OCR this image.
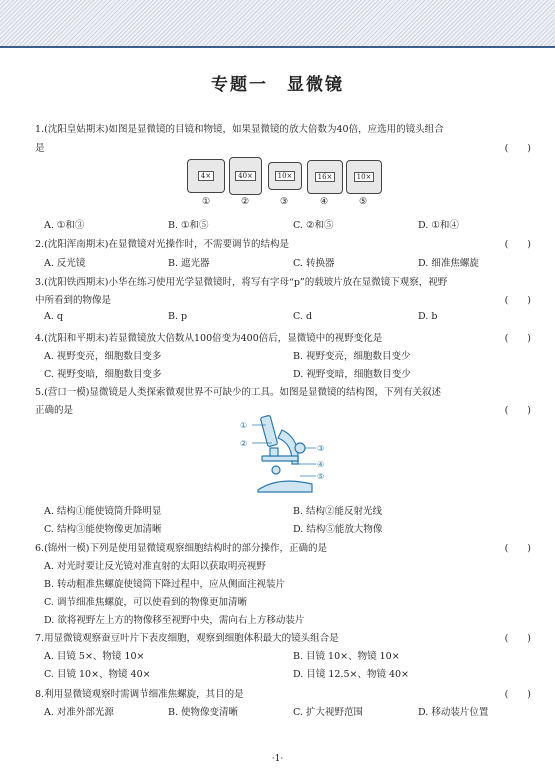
专题一　显微镜
1.(沈阳皇姑期末)如图是显微镜的目镜和物镜，如果显微镜的放大倍数为40倍，应选用的镜头组合
是	(　　)
4×	40×	10×	16×	10×
①	②	③	④	⑤
A. ①和③	B. ①和⑤	C. ②和⑤	D. ①和④
2.(沈阳浑南期末)在显微镜对光操作时，不需要调节的结构是	(　　)
A. 反光镜	B. 遮光器	C. 转换器	D. 细准焦螺旋
3.(沈阳铁西期末)小华在练习使用光学显微镜时，将写有字母“p”的载玻片放在显微镜下观察，视野
中所看到的物像是	(　　)
A. q	B. p	C. d	D. b
4.(沈阳和平期末)若显微镜放大倍数从100倍变为400倍后，显微镜中的视野变化是	(　　)
A. 视野变亮，细胞数目变多	B. 视野变亮，细胞数目变少
C. 视野变暗，细胞数目变多	D. 视野变暗，细胞数目变少
5.(营口一模)显微镜是人类探索微观世界不可缺少的工具。如图是显微镜的结构图，下列有关叙述
正确的是	(　　)
①
②
③
④
⑤
A. 结构①能使镜筒升降明显	B. 结构②能反射光线
C. 结构③能使物像更加清晰	D. 结构⑤能放大物像
6.(锦州一模)下列是使用显微镜观察细胞结构时的部分操作，正确的是	(　　)
A. 对光时要让反光镜对准直射的太阳以获取明亮视野
B. 转动粗准焦螺旋使镜筒下降过程中，应从侧面注视装片
C. 调节细准焦螺旋，可以使看到的物像更加清晰
D. 欲将视野左上方的物像移至视野中央，需向右上方移动装片
7.用显微镜观察蚕豆叶片下表皮细胞，观察到细胞体积最大的镜头组合是	(　　)
A. 目镜 5×、物镜 10×	B. 目镜 10×、物镜 10×
C. 目镜 10×、物镜 40×	D. 目镜 12.5×、物镜 40×
8.利用显微镜观察时需调节细准焦螺旋，其目的是	(　　)
A. 对准外部光源	B. 使物像变清晰	C. 扩大视野范围	D. 移动装片位置
·1·
